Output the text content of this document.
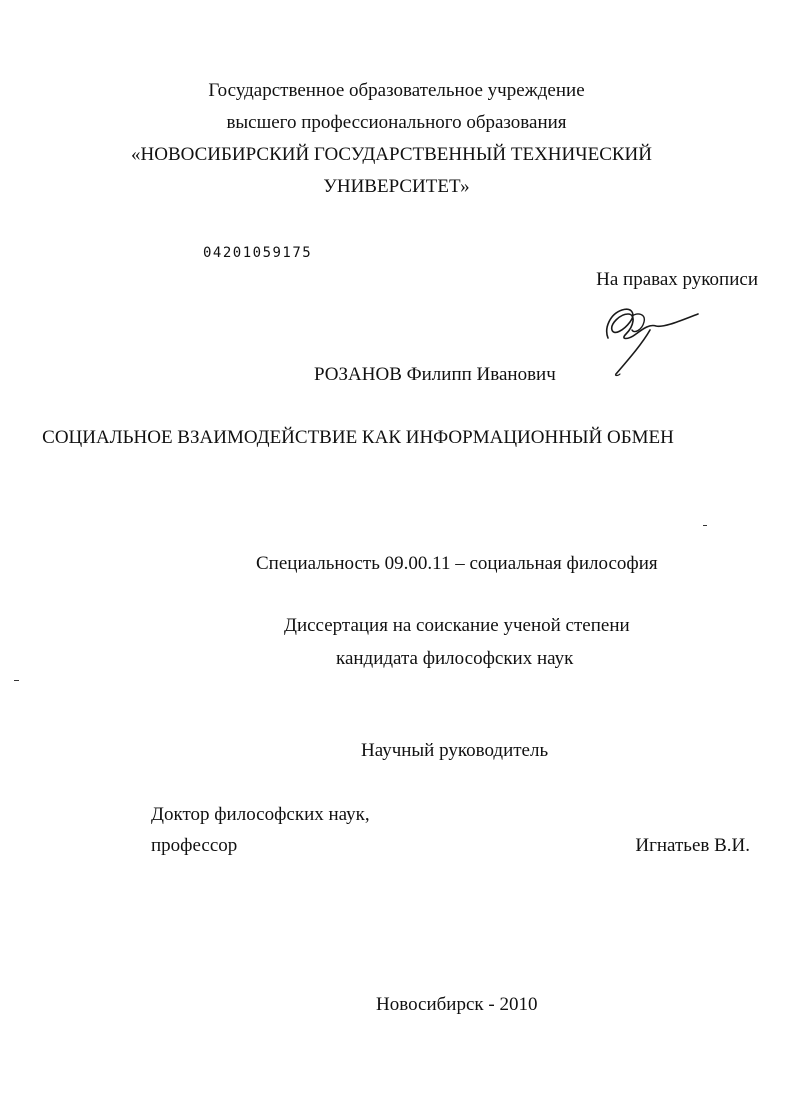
Государственное образовательное учреждение
высшего профессионального образования
«НОВОСИБИРСКИЙ ГОСУДАРСТВЕННЫЙ ТЕХНИЧЕСКИЙ
УНИВЕРСИТЕТ»
04201059175
На правах рукописи
РОЗАНОВ Филипп Иванович
СОЦИАЛЬНОЕ ВЗАИМОДЕЙСТВИЕ КАК ИНФОРМАЦИОННЫЙ ОБМЕН
Специальность 09.00.11 – социальная философия
Диссертация на соискание ученой степени
кандидата философских наук
Научный руководитель
Доктор философских наук,
профессор	Игнатьев В.И.
Новосибирск - 2010
